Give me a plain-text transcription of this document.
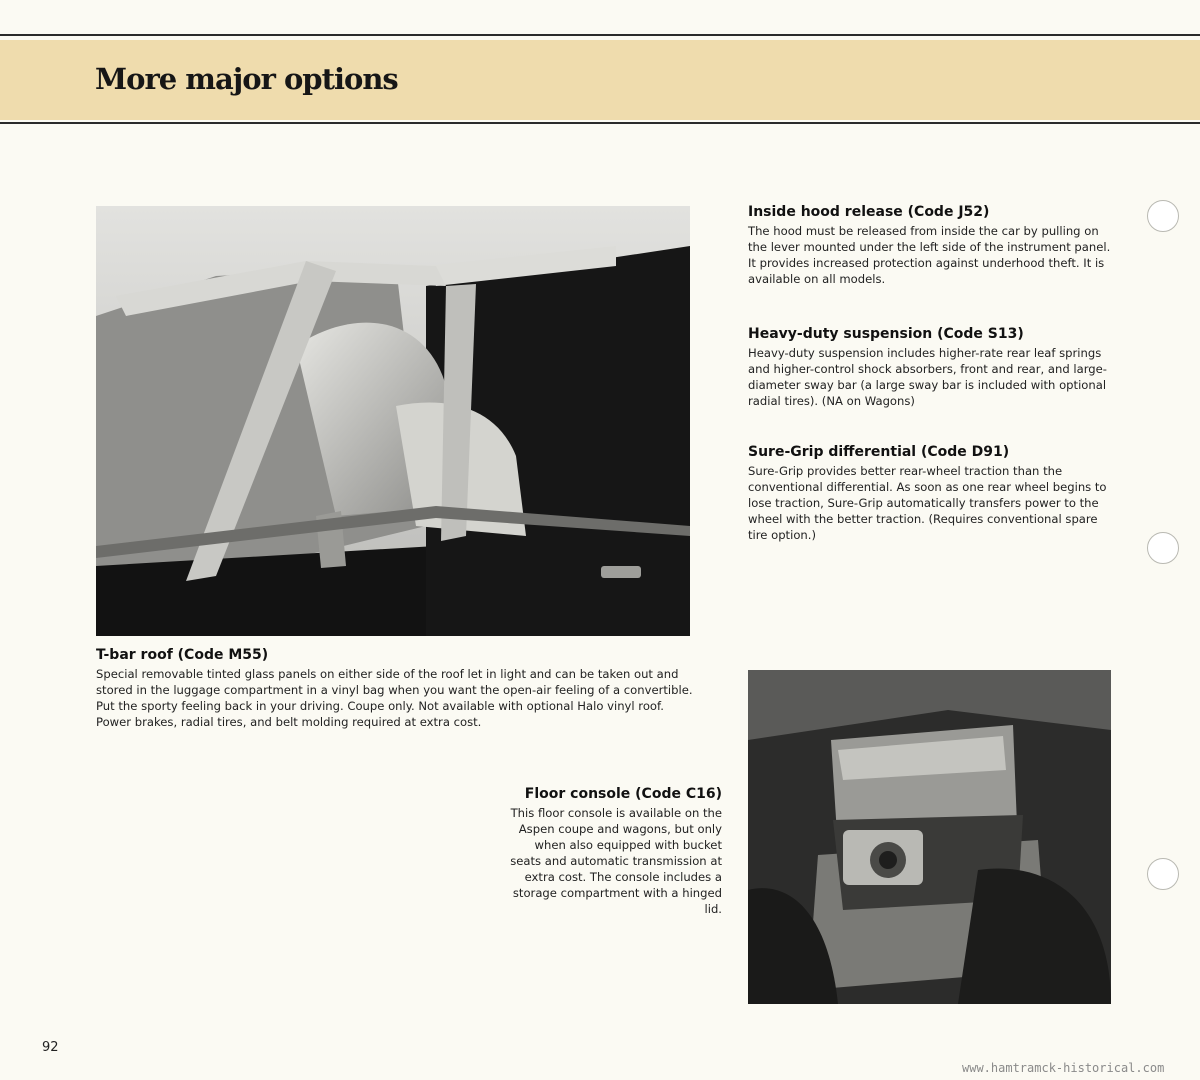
More major options
Inside hood release (Code J52)

The hood must be released from inside the car by pulling on the lever mounted under the left side of the instrument panel. It provides increased protection against underhood theft. It is available on all models.

Heavy-duty suspension (Code S13)

Heavy-duty suspension includes higher-rate rear leaf springs and higher-control shock absorbers, front and rear, and large-diameter sway bar (a large sway bar is included with optional radial tires). (NA on Wagons)

Sure-Grip differential (Code D91)

Sure-Grip provides better rear-wheel traction than the conventional differential. As soon as one rear wheel begins to lose traction, Sure-Grip automatically transfers power to the wheel with the better traction. (Requires conventional spare tire option.)

T-bar roof (Code M55)

Special removable tinted glass panels on either side of the roof let in light and can be taken out and stored in the luggage compartment in a vinyl bag when you want the open-air feeling of a convertible. Put the sporty feeling back in your driving. Coupe only. Not available with optional Halo vinyl roof. Power brakes, radial tires, and belt molding required at extra cost.

Floor console (Code C16)

This floor console is available on the Aspen coupe and wagons, but only when also equipped with bucket seats and automatic transmission at extra cost. The console includes a storage compartment with a hinged lid.

92
www.hamtramck-historical.com
